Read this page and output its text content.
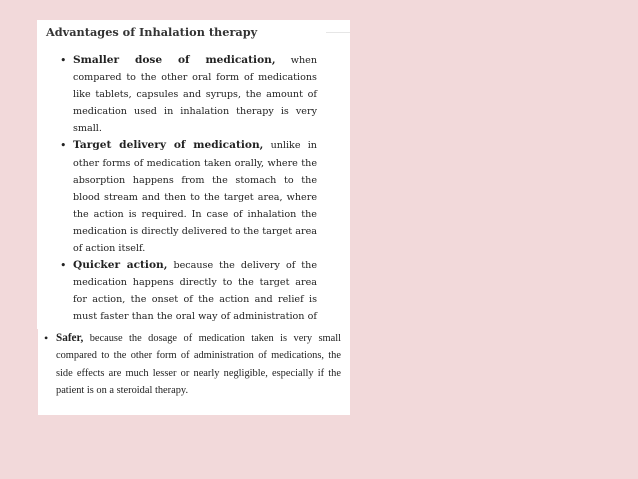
Advantages of Inhalation therapy
• Smaller dose of medication, when compared to the other oral form of medications like tablets, capsules and syrups, the amount of medication used in inhalation therapy is very small.
• Target delivery of medication, unlike in other forms of medication taken orally, where the absorption happens from the stomach to the blood stream and then to the target area, where the action is required. In case of inhalation the medication is directly delivered to the target area of action itself.
• Quicker action, because the delivery of the medication happens directly to the target area for action, the onset of the action and relief is must faster than the oral way of administration of

• Safer, because the dosage of medication taken is very small compared to the other form of administration of medications, the side effects are much lesser or nearly negligible, especially if the patient is on a steroidal therapy.
